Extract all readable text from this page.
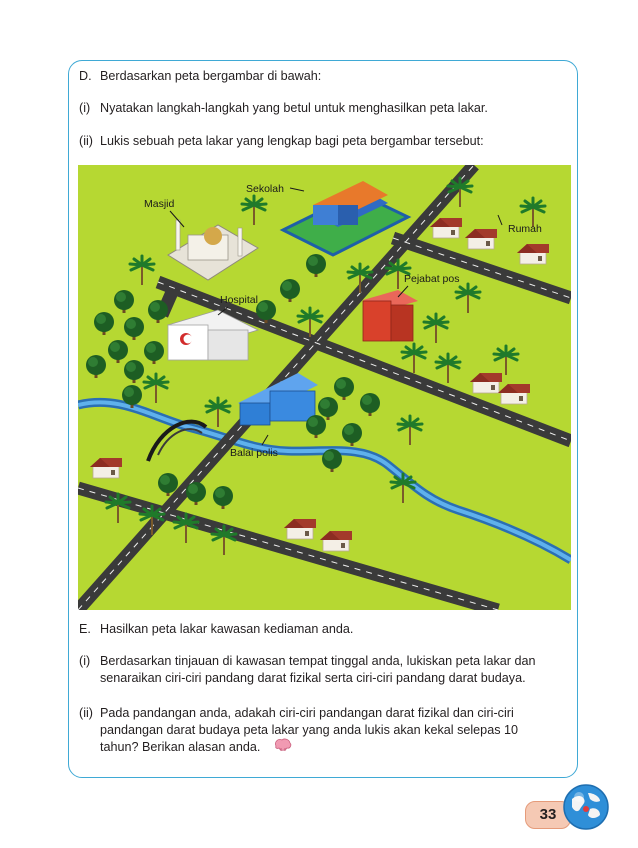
D. Berdasarkan peta bergambar di bawah:
(i) Nyatakan langkah-langkah yang betul untuk menghasilkan peta lakar.
(ii) Lukis sebuah peta lakar yang lengkap bagi peta bergambar tersebut:
Masjid
Sekolah
Rumah
Hospital
Pejabat pos
Balai polis
E. Hasilkan peta lakar kawasan kediaman anda.
(i) Berdasarkan tinjauan di kawasan tempat tinggal anda, lukiskan peta lakar dan
senaraikan ciri-ciri pandang darat fizikal serta ciri-ciri pandang darat budaya.
(ii) Pada pandangan anda, adakah ciri-ciri pandangan darat fizikal dan ciri-ciri
pandangan darat budaya peta lakar yang anda lukis akan kekal selepas 10
tahun? Berikan alasan anda.
33
